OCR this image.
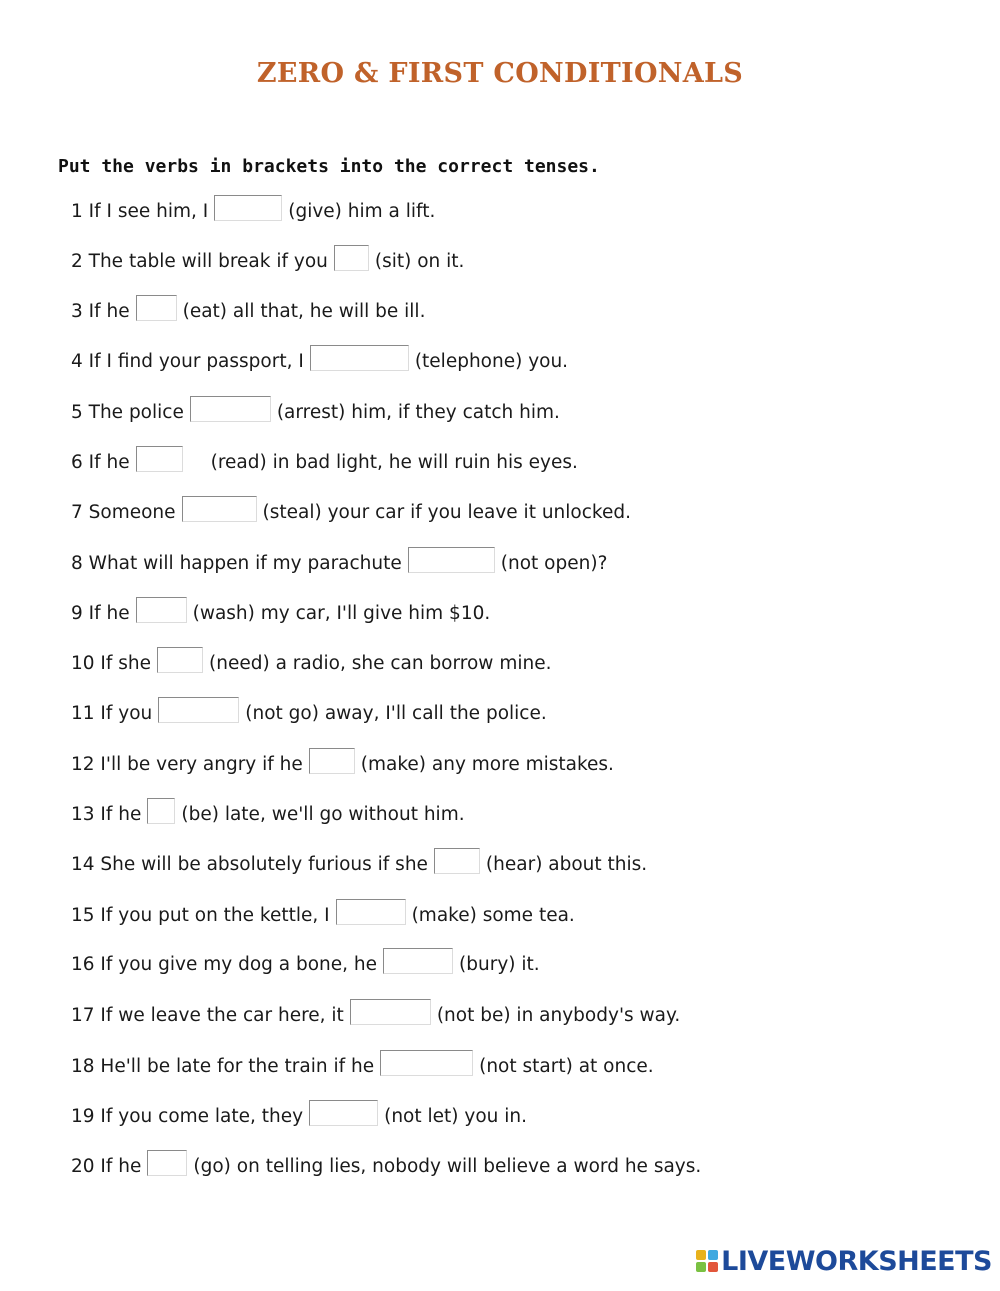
ZERO & FIRST CONDITIONALS
Put the verbs in brackets into the correct tenses.
1 If I see him, I	(give) him a lift.
2 The table will break if you	(sit) on it.
3 If he	(eat) all that, he will be ill.
4 If I find your passport, I	(telephone) you.
5 The police	(arrest) him, if they catch him.
6 If he	(read) in bad light, he will ruin his eyes.
7 Someone	(steal) your car if you leave it unlocked.
8 What will happen if my parachute	(not open)?
9 If he	(wash) my car, I'll give him $10.
10 If she	(need) a radio, she can borrow mine.
11 If you	(not go) away, I'll call the police.
12 I'll be very angry if he	(make) any more mistakes.
13 If he (be) late, we'll go without him.
14 She will be absolutely furious if she	(hear) about this.
15 If you put on the kettle, I	(make) some tea.
16 If you give my dog a bone, he	(bury) it.
17 If we leave the car here, it	(not be) in anybody's way.
18 He'll be late for the train if he	(not start) at once.
19 If you come late, they	(not let) you in.
20 If he	(go) on telling lies, nobody will believe a word he says.
LIVEWORKSHEETS
